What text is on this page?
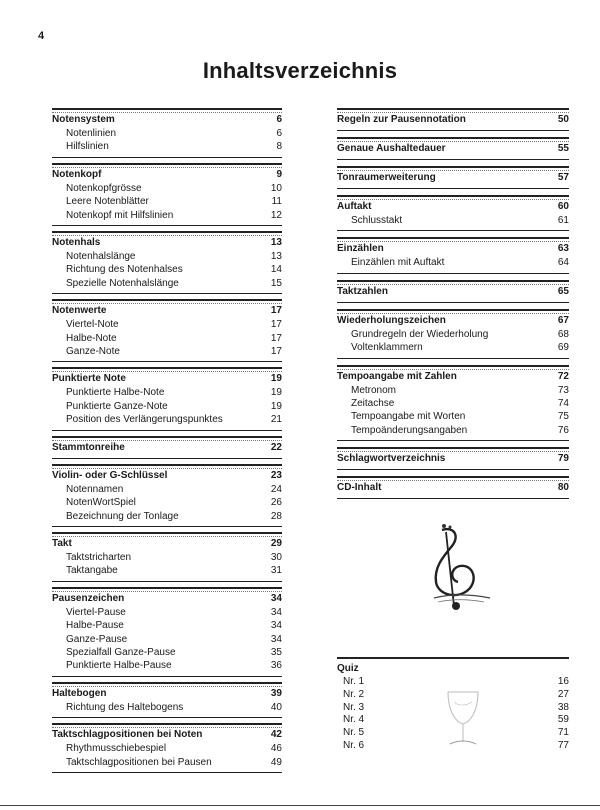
4
Inhaltsverzeichnis
Notensystem	6
Notenlinien	6
Hilfslinien	8
Notenkopf	9
Notenkopfgrösse	10
Leere Notenblätter	11
Notenkopf mit Hilfslinien	12
Notenhals	13
Notenhalslänge	13
Richtung des Notenhalses	14
Spezielle Notenhalslänge	15
Notenwerte	17
Viertel-Note	17
Halbe-Note	17
Ganze-Note	17
Punktierte Note	19
Punktierte Halbe-Note	19
Punktierte Ganze-Note	19
Position des Verlängerungspunktes	21
Stammtonreihe	22
Violin- oder G-Schlüssel	23
Notennamen	24
NotenWortSpiel	26
Bezeichnung der Tonlage	28
Takt	29
Taktstricharten	30
Taktangabe	31
Pausenzeichen	34
Viertel-Pause	34
Halbe-Pause	34
Ganze-Pause	34
Spezialfall Ganze-Pause	35
Punktierte Halbe-Pause	36
Haltebogen	39
Richtung des Haltebogens	40
Taktschlagpositionen bei Noten	42
Rhythmusschiebespiel	46
Taktschlagpositionen bei Pausen	49
Regeln zur Pausennotation	50
Genaue Aushaltedauer	55
Tonraumerweiterung	57
Auftakt	60
Schlusstakt	61
Einzählen	63
Einzählen mit Auftakt	64
Taktzahlen	65
Wiederholungszeichen	67
Grundregeln der Wiederholung	68
Voltenklammern	69
Tempoangabe mit Zahlen	72
Metronom	73
Zeitachse	74
Tempoangabe mit Worten	75
Tempoänderungsangaben	76
Schlagwortverzeichnis	79
CD-Inhalt	80
Quiz
Nr. 1	16
Nr. 2	27
Nr. 3	38
Nr. 4	59
Nr. 5	71
Nr. 6	77
